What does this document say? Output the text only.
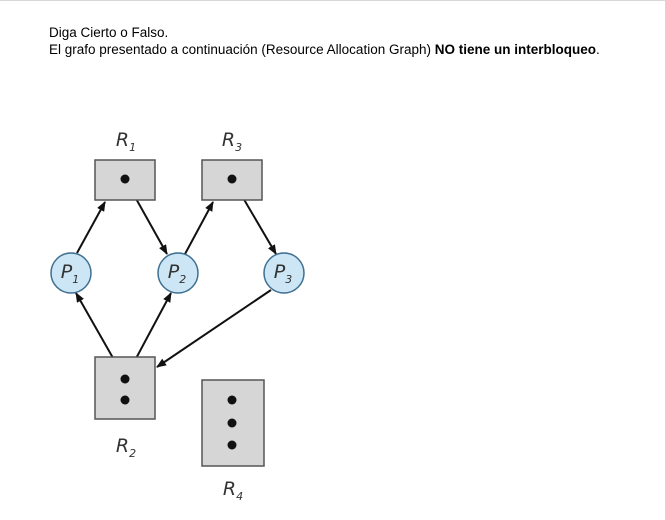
Diga Cierto o Falso.

El grafo presentado a continuación (Resource Allocation Graph) NO tiene un interbloqueo.

$R_1$
$R_2$
$R_3$
$R_4$
$P_1$	$P_2$	$P_3$
